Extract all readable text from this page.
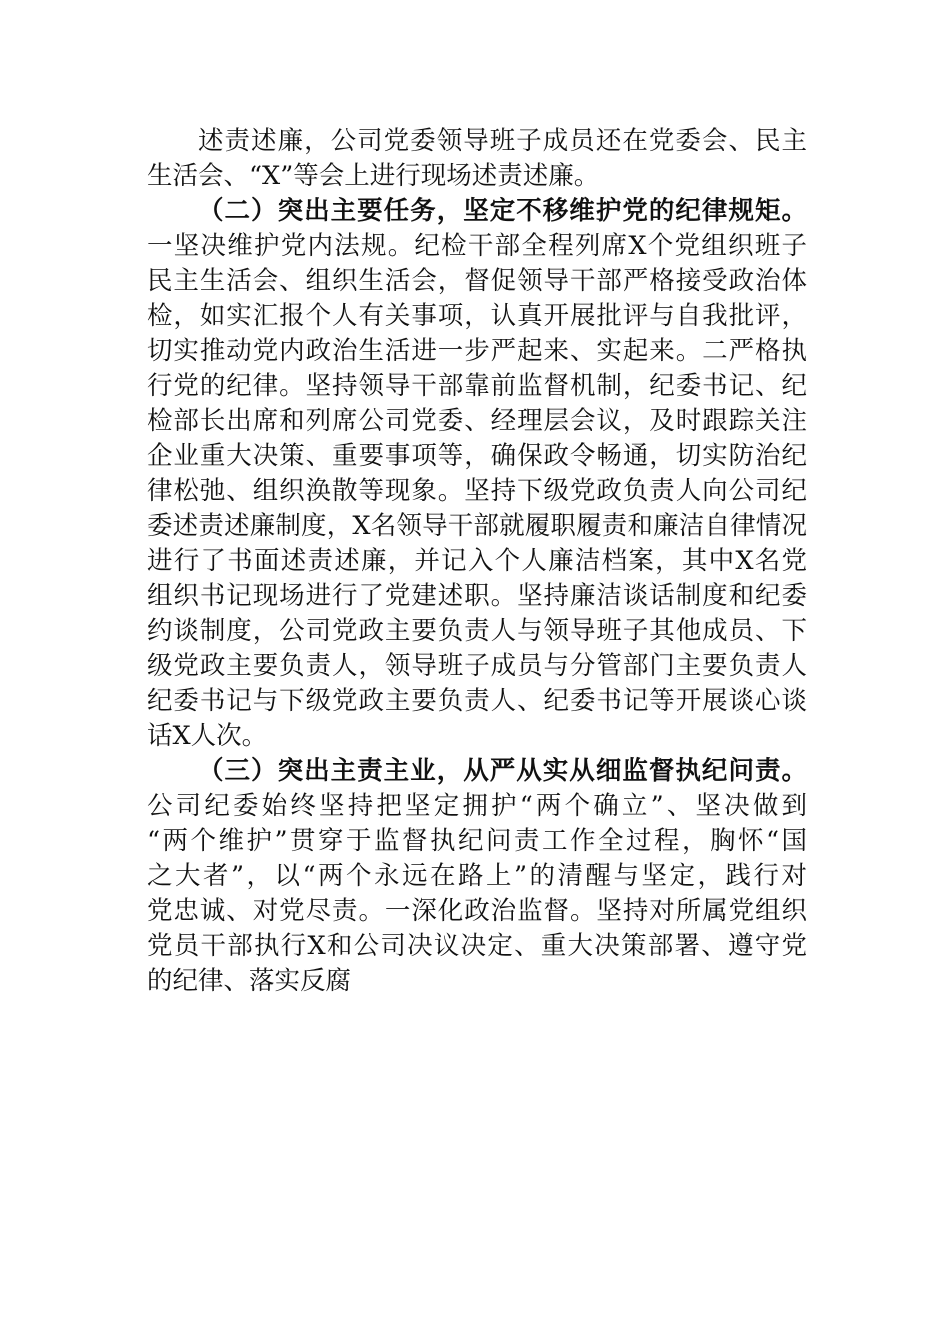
述责述廉，公司党委领导班子成员还在党委会、民主
生活会、“X”等会上进行现场述责述廉。
（二）突出主要任务，坚定不移维护党的纪律规矩。
一坚决维护党内法规。纪检干部全程列席X个党组织班子
民主生活会、组织生活会，督促领导干部严格接受政治体
检，如实汇报个人有关事项，认真开展批评与自我批评，
切实推动党内政治生活进一步严起来、实起来。二严格执
行党的纪律。坚持领导干部靠前监督机制，纪委书记、纪
检部长出席和列席公司党委、经理层会议，及时跟踪关注
企业重大决策、重要事项等，确保政令畅通，切实防治纪
律松弛、组织涣散等现象。坚持下级党政负责人向公司纪
委述责述廉制度，X名领导干部就履职履责和廉洁自律情况
进行了书面述责述廉，并记入个人廉洁档案，其中X名党
组织书记现场进行了党建述职。坚持廉洁谈话制度和纪委
约谈制度，公司党政主要负责人与领导班子其他成员、下
级党政主要负责人，领导班子成员与分管部门主要负责人
纪委书记与下级党政主要负责人、纪委书记等开展谈心谈
话X人次。
（三）突出主责主业，从严从实从细监督执纪问责。
公司纪委始终坚持把坚定拥护“两个确立”、坚决做到
“两个维护”贯穿于监督执纪问责工作全过程，胸怀“国
之大者”，以“两个永远在路上”的清醒与坚定，践行对
党忠诚、对党尽责。一深化政治监督。坚持对所属党组织
党员干部执行X和公司决议决定、重大决策部署、遵守党
的纪律、落实反腐
